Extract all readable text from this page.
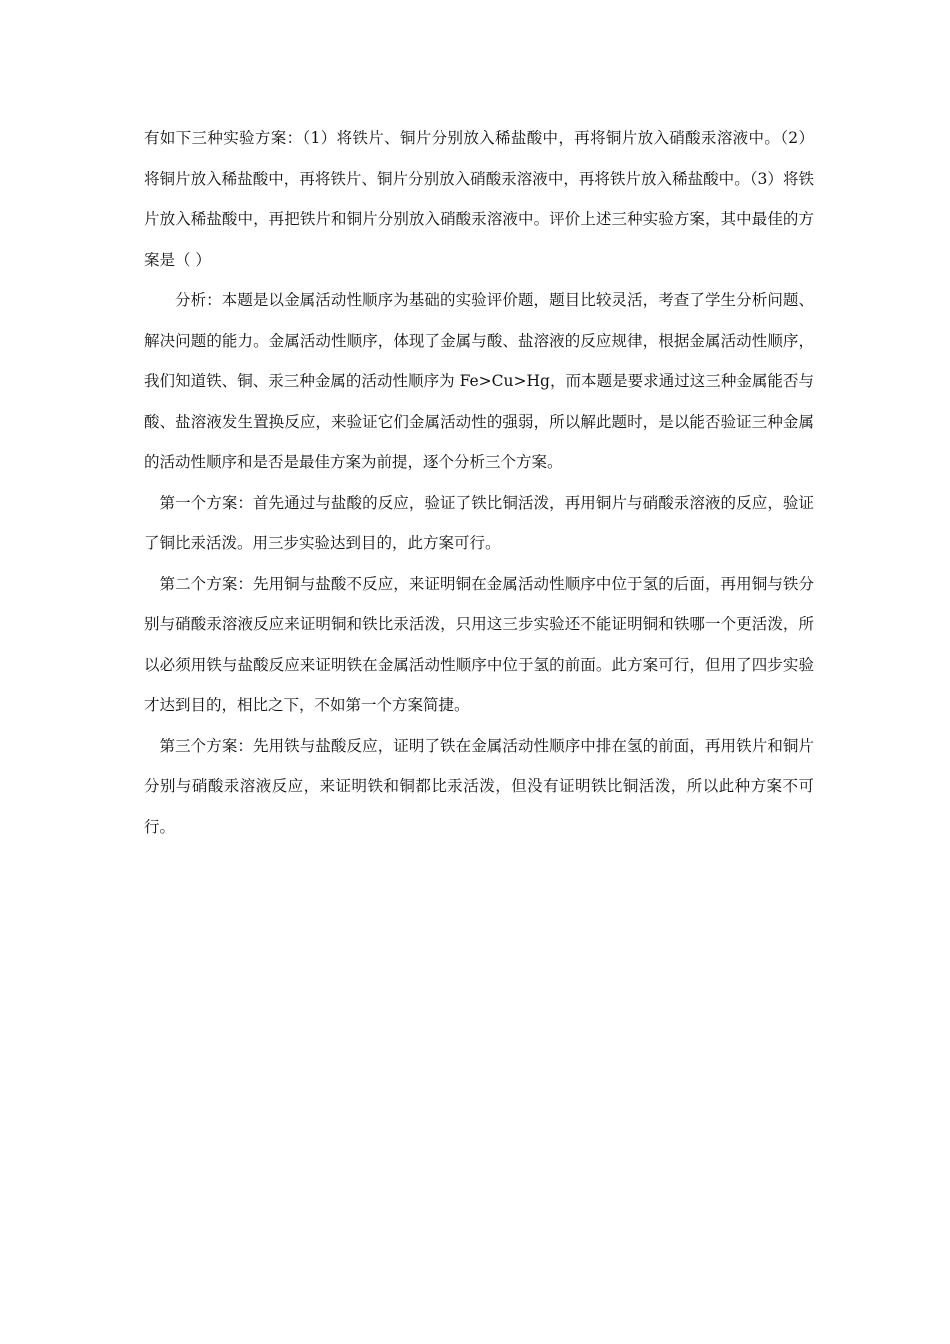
有如下三种实验方案：（1）将铁片、铜片分别放入稀盐酸中，再将铜片放入硝酸汞溶液中。（2）将铜片放入稀盐酸中，再将铁片、铜片分别放入硝酸汞溶液中，再将铁片放入稀盐酸中。（3）将铁片放入稀盐酸中，再把铁片和铜片分别放入硝酸汞溶液中。评价上述三种实验方案，其中最佳的方案是（ ）

分析：本题是以金属活动性顺序为基础的实验评价题，题目比较灵活，考查了学生分析问题、解决问题的能力。金属活动性顺序，体现了金属与酸、盐溶液的反应规律，根据金属活动性顺序，我们知道铁、铜、汞三种金属的活动性顺序为 Fe>Cu>Hg，而本题是要求通过这三种金属能否与酸、盐溶液发生置换反应，来验证它们金属活动性的强弱，所以解此题时，是以能否验证三种金属的活动性顺序和是否是最佳方案为前提，逐个分析三个方案。

第一个方案：首先通过与盐酸的反应，验证了铁比铜活泼，再用铜片与硝酸汞溶液的反应，验证了铜比汞活泼。用三步实验达到目的，此方案可行。

第二个方案：先用铜与盐酸不反应，来证明铜在金属活动性顺序中位于氢的后面，再用铜与铁分别与硝酸汞溶液反应来证明铜和铁比汞活泼，只用这三步实验还不能证明铜和铁哪一个更活泼，所以必须用铁与盐酸反应来证明铁在金属活动性顺序中位于氢的前面。此方案可行，但用了四步实验才达到目的，相比之下，不如第一个方案简捷。

第三个方案：先用铁与盐酸反应，证明了铁在金属活动性顺序中排在氢的前面，再用铁片和铜片分别与硝酸汞溶液反应，来证明铁和铜都比汞活泼，但没有证明铁比铜活泼，所以此种方案不可行。
